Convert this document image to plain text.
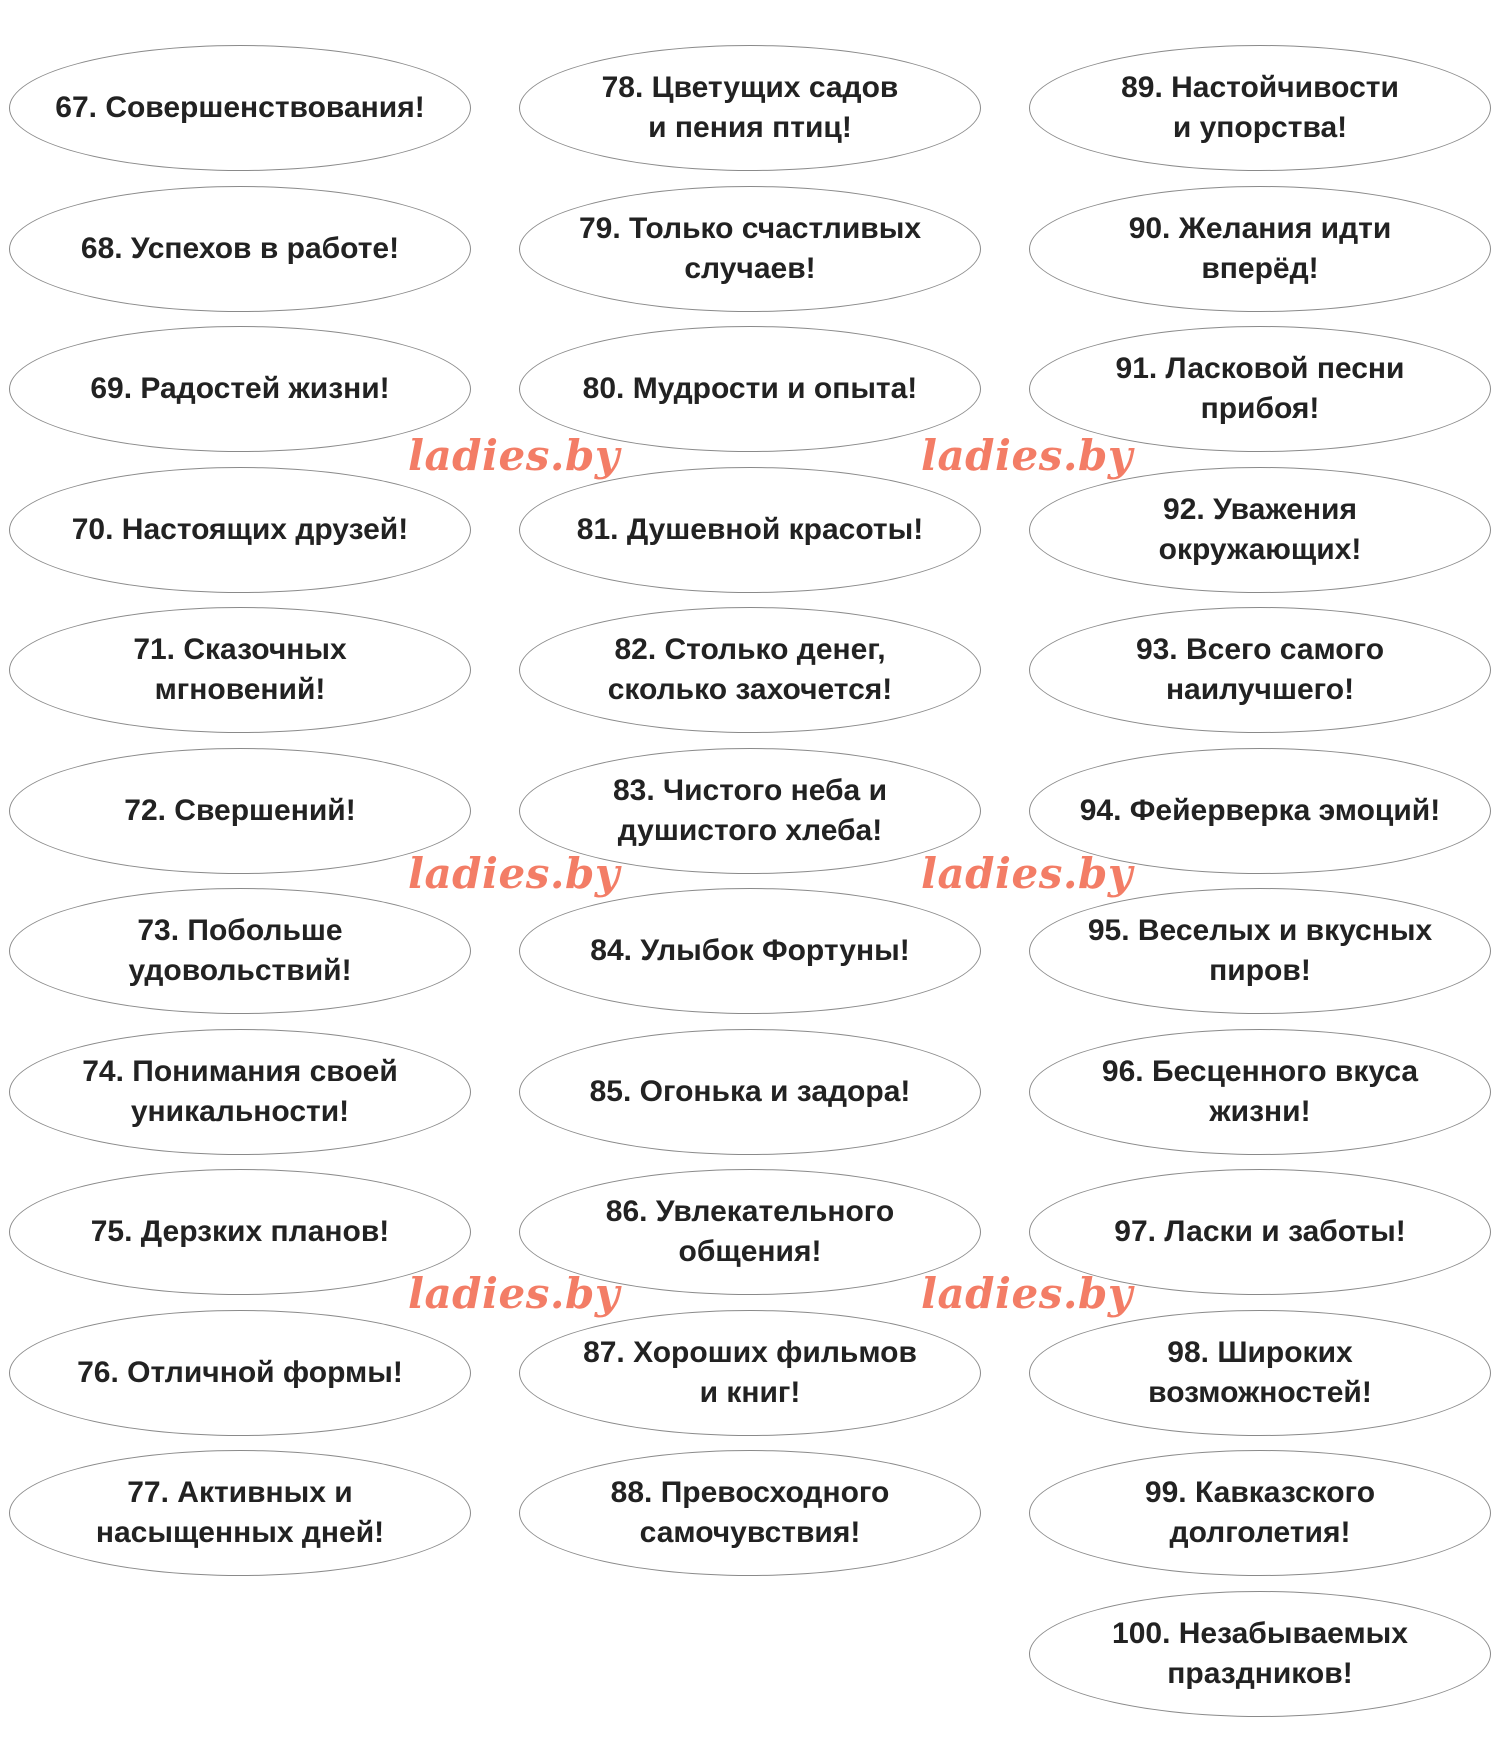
67. Совершенствования!
68. Успехов в работе!
69. Радостей жизни!
70. Настоящих друзей!
71. Сказочных
мгновений!
72. Свершений!
73. Побольше
удовольствий!
74. Понимания своей
уникальности!
75. Дерзких планов!
76. Отличной формы!
77. Активных и
насыщенных дней!
78. Цветущих садов
и пения птиц!
79. Только счастливых
случаев!
80. Мудрости и опыта!
81. Душевной красоты!
82. Столько денег,
сколько захочется!
83. Чистого неба и
душистого хлеба!
84. Улыбок Фортуны!
85. Огонька и задора!
86. Увлекательного
общения!
87. Хороших фильмов
и книг!
88. Превосходного
самочувствия!
89. Настойчивости
и упорства!
90. Желания идти
вперёд!
91. Ласковой песни
прибоя!
92. Уважения
окружающих!
93. Всего самого
наилучшего!
94. Фейерверка эмоций!
95. Веселых и вкусных
пиров!
96. Бесценного вкуса
жизни!
97. Ласки и заботы!
98. Широких
возможностей!
99. Кавказского
долголетия!
100. Незабываемых
праздников!
ladies.by	ladies.by
ladies.by	ladies.by
ladies.by	ladies.by
